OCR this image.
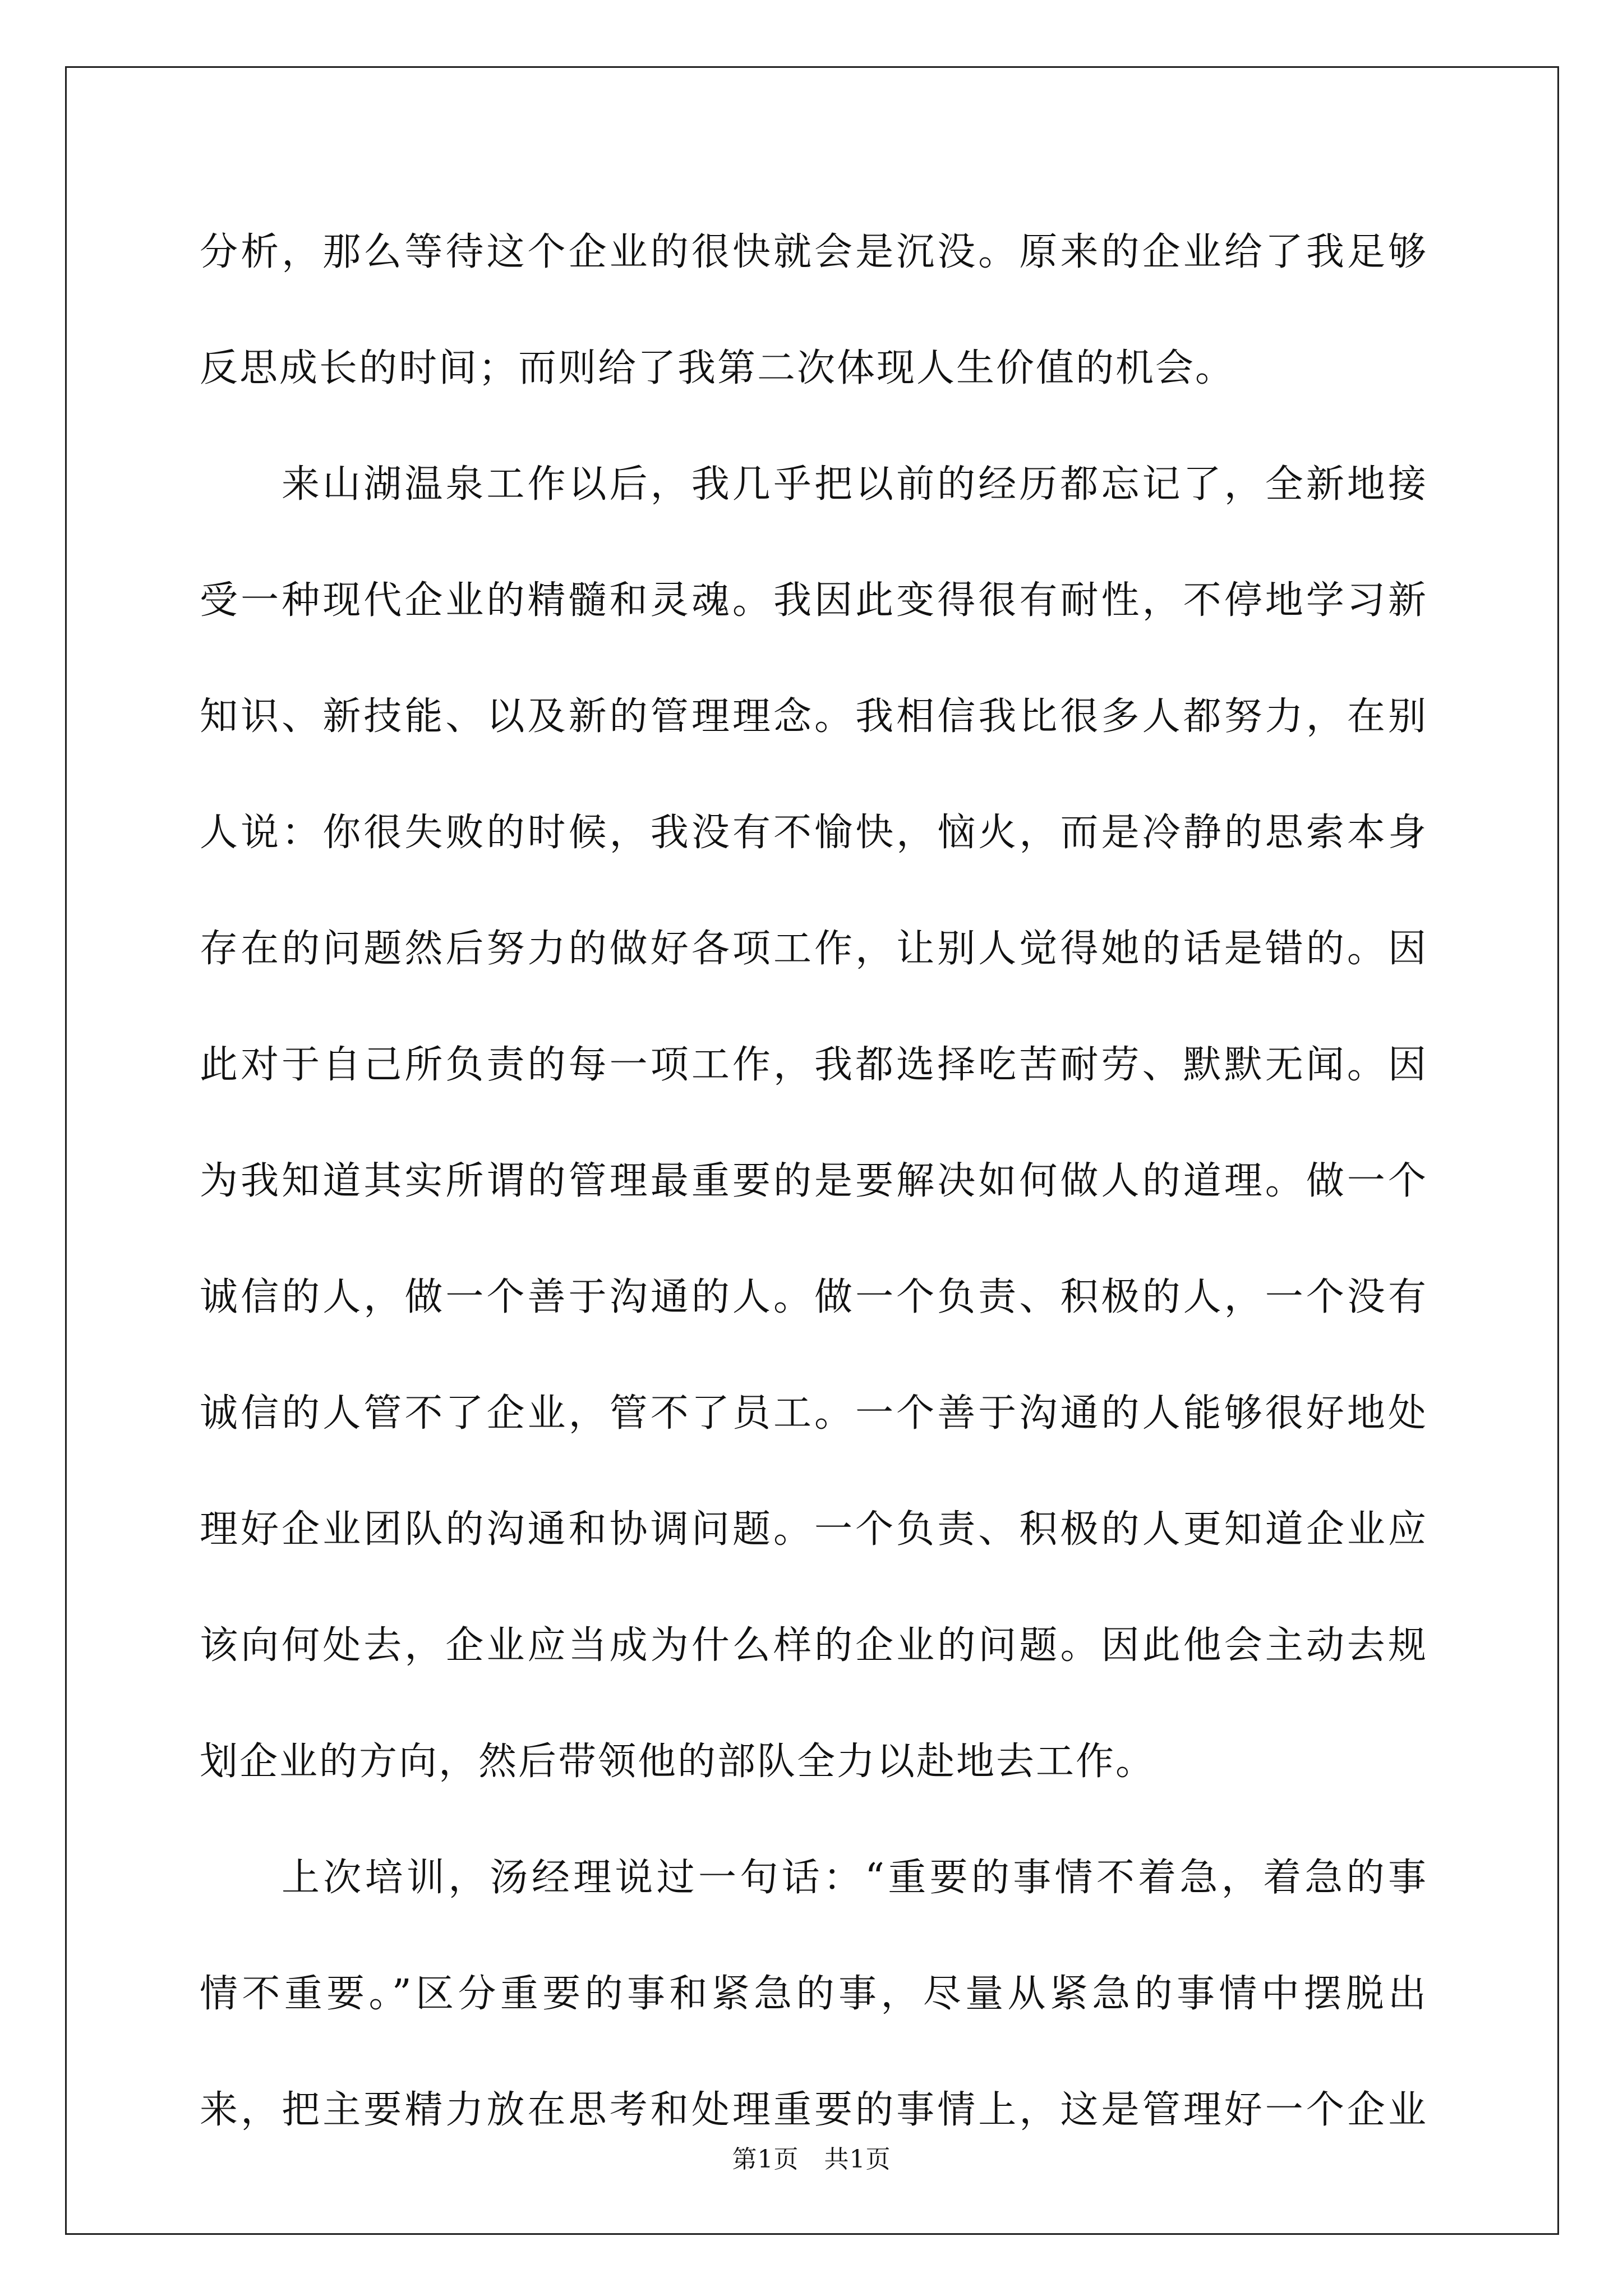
分析，那么等待这个企业的很快就会是沉没。原来的企业给了我足够
反思成长的时间；而则给了我第二次体现人生价值的机会。
来山湖温泉工作以后，我几乎把以前的经历都忘记了，全新地接
受一种现代企业的精髓和灵魂。我因此变得很有耐性，不停地学习新
知识、新技能、以及新的管理理念。我相信我比很多人都努力，在别
人说：你很失败的时候，我没有不愉快，恼火，而是冷静的思索本身
存在的问题然后努力的做好各项工作，让别人觉得她的话是错的。因
此对于自己所负责的每一项工作，我都选择吃苦耐劳、默默无闻。因
为我知道其实所谓的管理最重要的是要解决如何做人的道理。做一个
诚信的人，做一个善于沟通的人。做一个负责、积极的人，一个没有
诚信的人管不了企业，管不了员工。一个善于沟通的人能够很好地处
理好企业团队的沟通和协调问题。一个负责、积极的人更知道企业应
该向何处去，企业应当成为什么样的企业的问题。因此他会主动去规
划企业的方向，然后带领他的部队全力以赴地去工作。
上次培训，汤经理说过一句话：“重要的事情不着急，着急的事
情不重要。”区分重要的事和紧急的事，尽量从紧急的事情中摆脱出
来，把主要精力放在思考和处理重要的事情上，这是管理好一个企业
第1页　共1页
